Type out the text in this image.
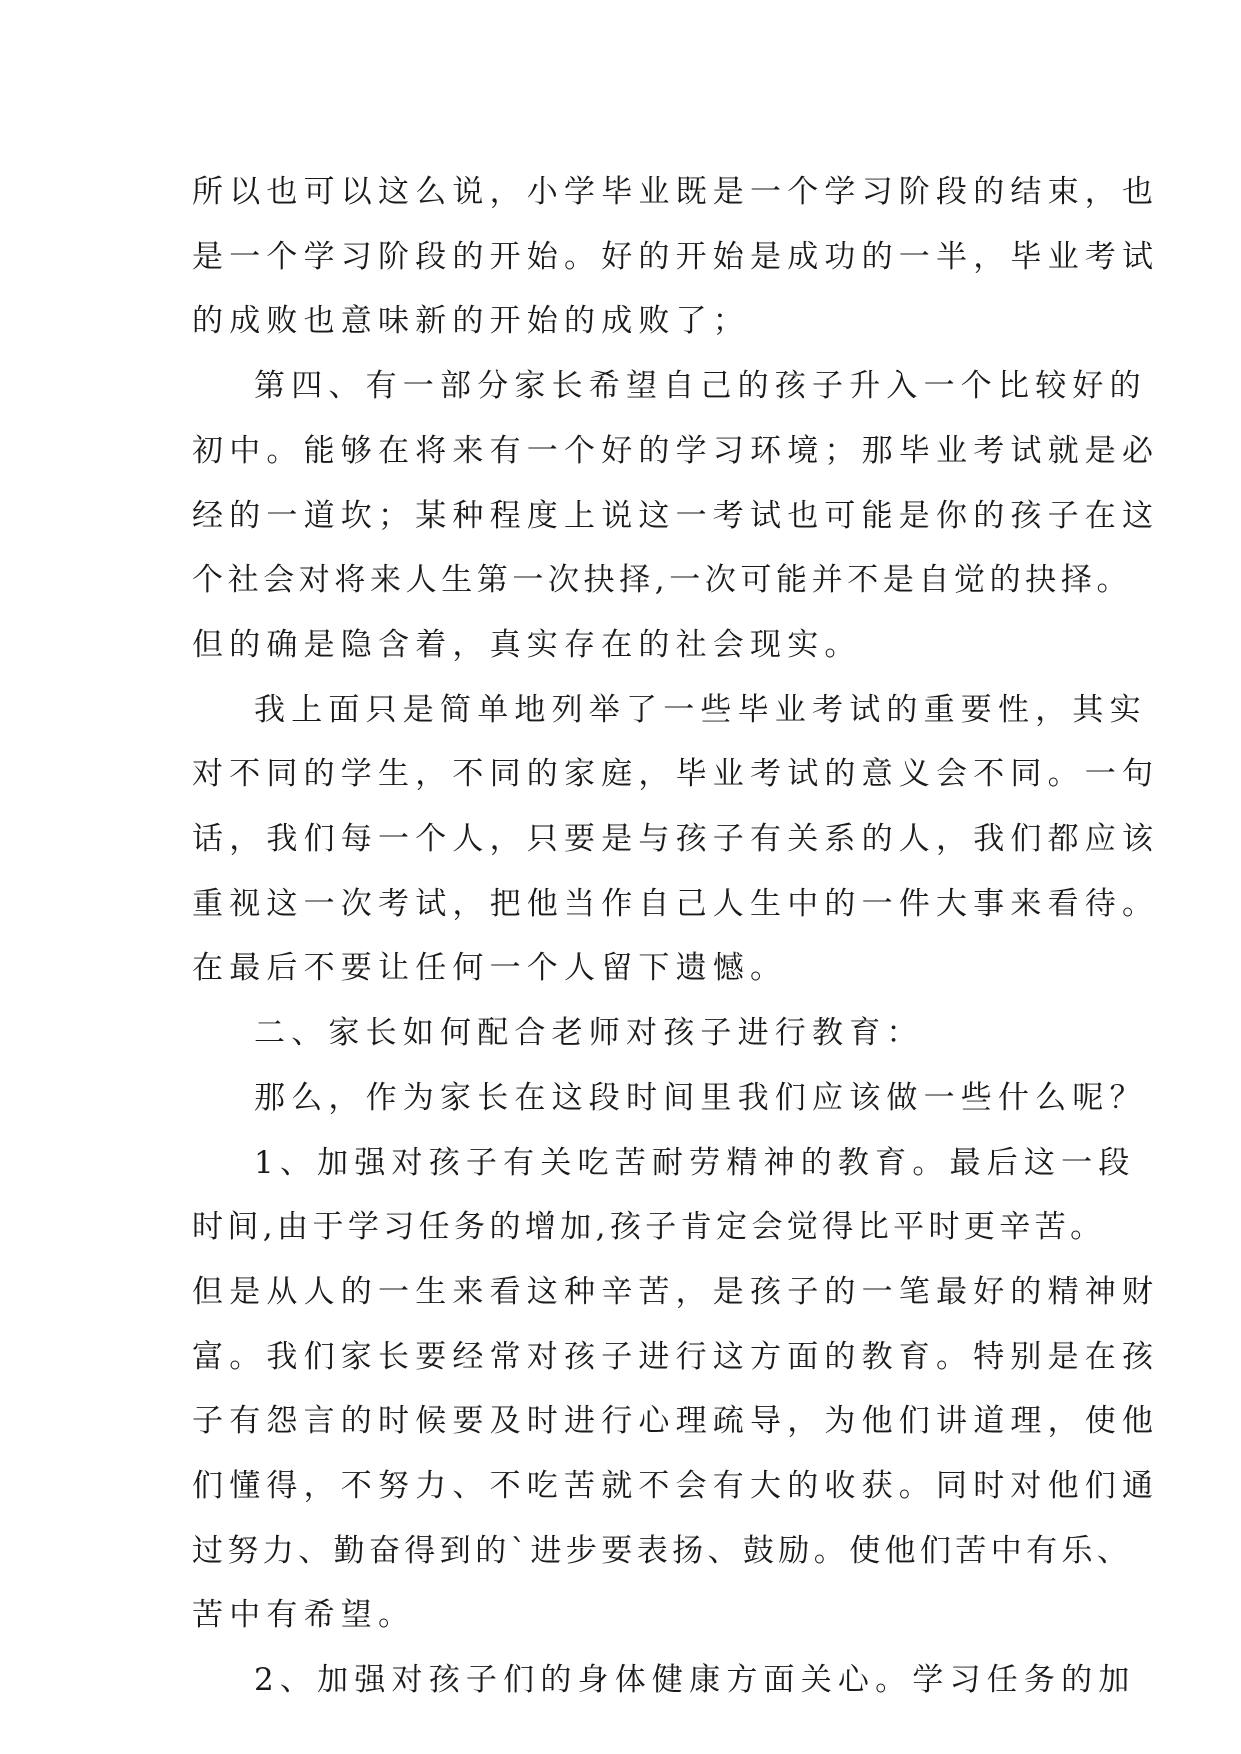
所以也可以这么说，小学毕业既是一个学习阶段的结束，也
是一个学习阶段的开始。好的开始是成功的一半，毕业考试
的成败也意味新的开始的成败了；
第四、有一部分家长希望自己的孩子升入一个比较好的
初中。能够在将来有一个好的学习环境；那毕业考试就是必
经的一道坎；某种程度上说这一考试也可能是你的孩子在这
个社会对将来人生第一次抉择,一次可能并不是自觉的抉择。
但的确是隐含着，真实存在的社会现实。
我上面只是简单地列举了一些毕业考试的重要性，其实
对不同的学生，不同的家庭，毕业考试的意义会不同。一句
话，我们每一个人，只要是与孩子有关系的人，我们都应该
重视这一次考试，把他当作自己人生中的一件大事来看待。
在最后不要让任何一个人留下遗憾。
二、家长如何配合老师对孩子进行教育：
那么，作为家长在这段时间里我们应该做一些什么呢？
1、加强对孩子有关吃苦耐劳精神的教育。最后这一段
时间,由于学习任务的增加,孩子肯定会觉得比平时更辛苦。
但是从人的一生来看这种辛苦，是孩子的一笔最好的精神财
富。我们家长要经常对孩子进行这方面的教育。特别是在孩
子有怨言的时候要及时进行心理疏导，为他们讲道理，使他
们懂得，不努力、不吃苦就不会有大的收获。同时对他们通
过努力、勤奋得到的`进步要表扬、鼓励。使他们苦中有乐、
苦中有希望。
2、加强对孩子们的身体健康方面关心。学习任务的加
